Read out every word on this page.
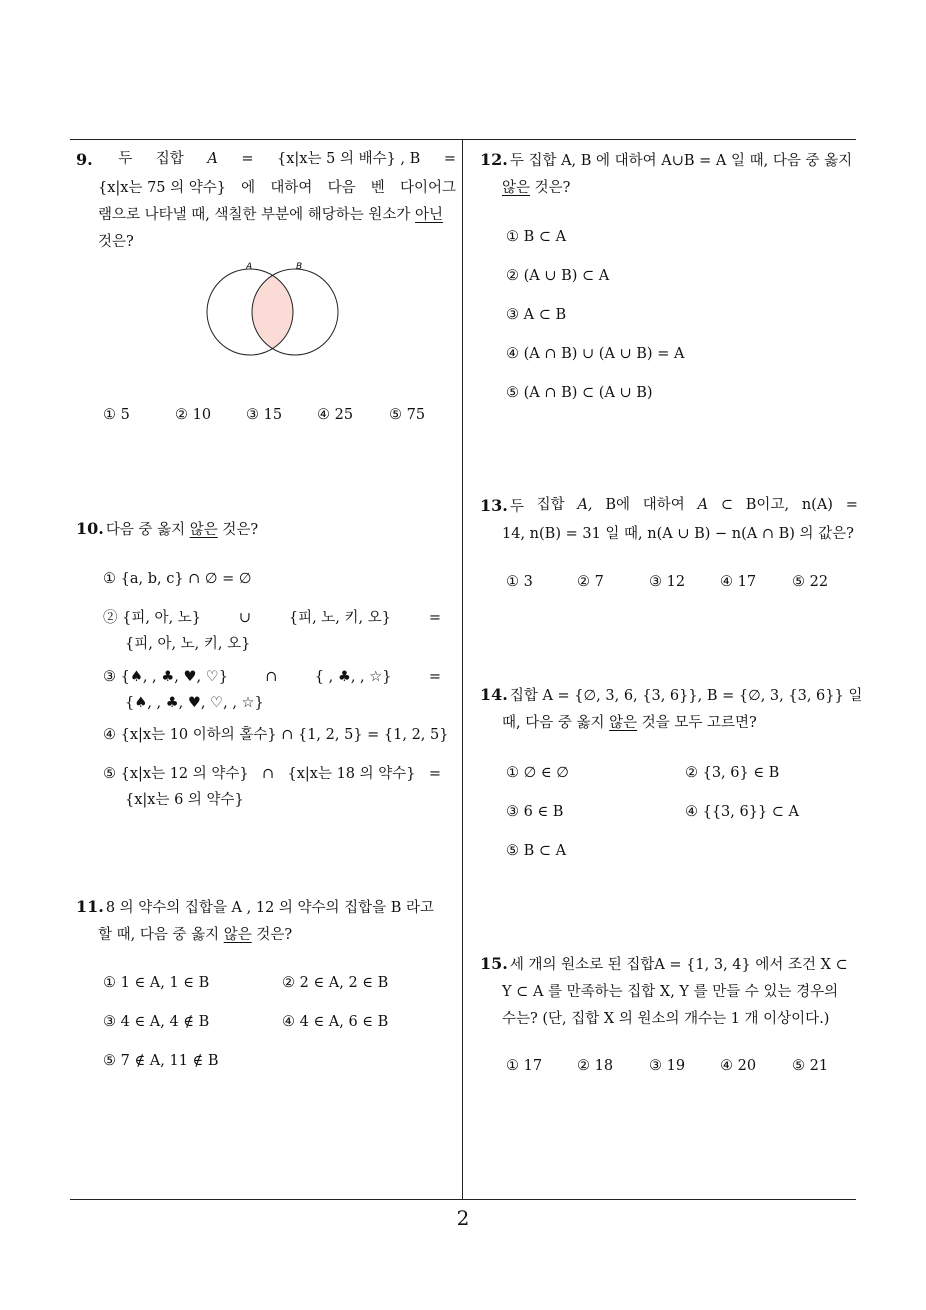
9. 두 집합 A = {x|x는 5 의 배수} , B =
{x|x는 75 의 약수} 에 대하여 다음 벤 다이어그
램으로 나타낼 때, 색칠한 부분에 해당하는 원소가 아닌
것은?
A	B
① 5	② 10 ③ 15 ④ 25 ⑤ 75
10. 다음 중 옳지 않은 것은?
① {a, b, c} ∩ ∅ = ∅
② {피, 아, 노}	∪	{피, 노, 키, 오}	=
{피, 아, 노, 키, 오}
③ {♠, , ♣, ♥, ♡}	∩	{ , ♣, , ☆}	=
{♠, , ♣, ♥, ♡, , ☆}
④ {x|x는 10 이하의 홀수} ∩ {1, 2, 5} = {1, 2, 5}
⑤ {x|x는 12 의 약수} ∩ {x|x는 18 의 약수} =
{x|x는 6 의 약수}
11. 8 의 약수의 집합을 A , 12 의 약수의 집합을 B 라고
할 때, 다음 중 옳지 않은 것은?
① 1 ∈ A, 1 ∈ B	② 2 ∈ A, 2 ∈ B
③ 4 ∈ A, 4 ∉ B	④ 4 ∈ A, 6 ∈ B
⑤ 7 ∉ A, 11 ∉ B
12. 두 집합 A, B 에 대하여 A∪B = A 일 때, 다음 중 옳지
않은 것은?
① B ⊂ A
② (A ∪ B) ⊂ A
③ A ⊂ B
④ (A ∩ B) ∪ (A ∪ B) = A
⑤ (A ∩ B) ⊂ (A ∪ B)
13. 두 집합 A, B에 대하여 A ⊂ B이고, n(A) =
14, n(B) = 31 일 때, n(A ∪ B) − n(A ∩ B) 의 값은?
① 3	② 7	③ 12 ④ 17 ⑤ 22
14. 집합 A = {∅, 3, 6, {3, 6}}, B = {∅, 3, {3, 6}} 일
때, 다음 중 옳지 않은 것을 모두 고르면?
① ∅ ∈ ∅	② {3, 6} ∈ B
③ 6 ∈ B	④ {{3, 6}} ⊂ A
⑤ B ⊂ A
15. 세 개의 원소로 된 집합A = {1, 3, 4} 에서 조건 X ⊂
Y ⊂ A 를 만족하는 집합 X, Y 를 만들 수 있는 경우의
수는? (단, 집합 X 의 원소의 개수는 1 개 이상이다.)
① 17 ② 18 ③ 19 ④ 20 ⑤ 21
2
